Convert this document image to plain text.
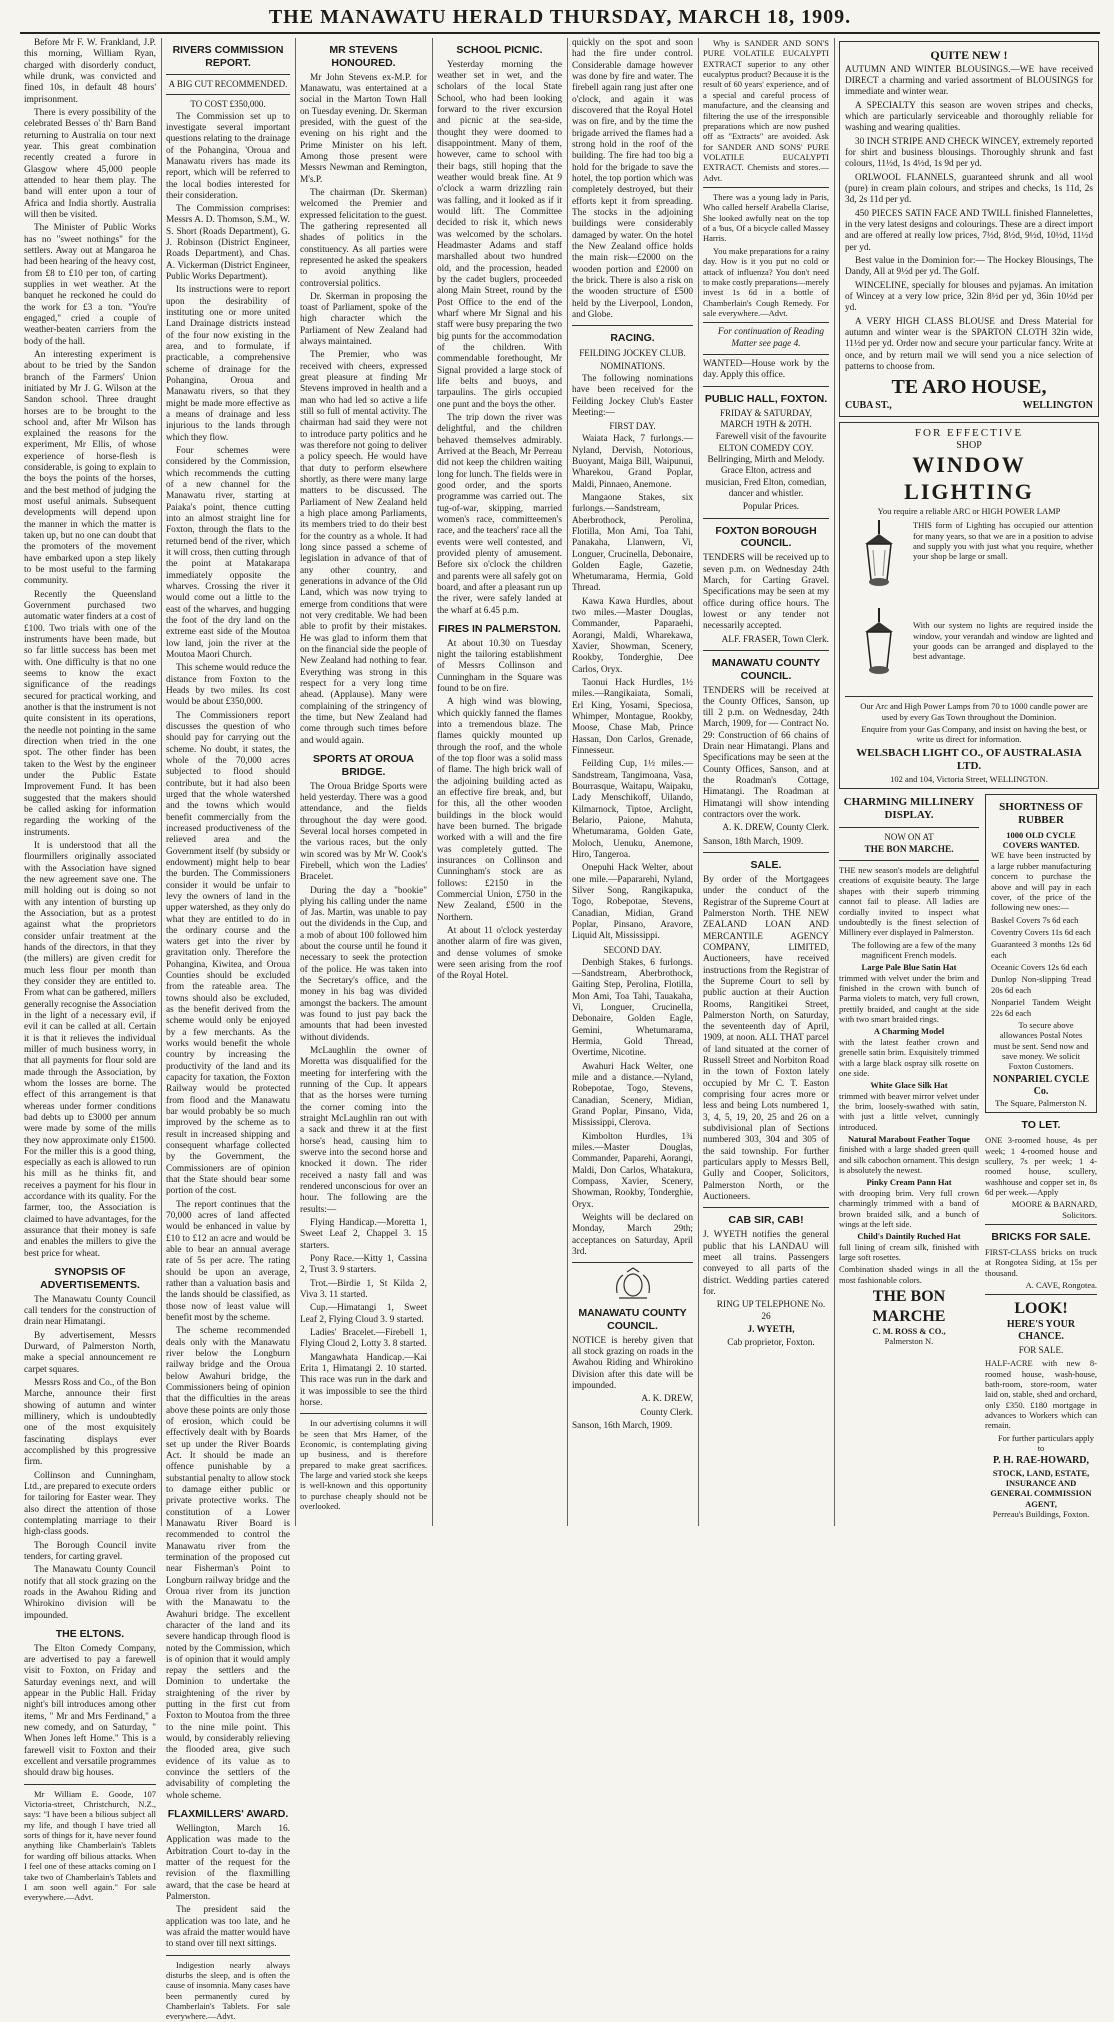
THE MANAWATU HERALD THURSDAY, MARCH 18, 1909.

Before Mr F. W. Frankland, J.P. this morning, William Ryan, charged with disorderly conduct, while drunk, was convicted and fined 10s, in default 48 hours' imprisonment.

There is every possibility of the celebrated Besses o' th' Barn Band returning to Australia on tour next year. This great combination recently created a furore in Glasgow where 45,000 people attended to hear them play. The band will enter upon a tour of Africa and India shortly. Australia will then be visited.

The Minister of Public Works has no "sweet nothings" for the settlers. Away out at Mangaroa he had been hearing of the heavy cost, from £8 to £10 per ton, of carting supplies in wet weather. At the banquet he reckoned he could do the work for £3 a ton. "You're engaged," cried a couple of weather-beaten carriers from the body of the hall.

An interesting experiment is about to be tried by the Sandon branch of the Farmers' Union initiated by Mr J. G. Wilson at the Sandon school. Three draught horses are to be brought to the school and, after Mr Wilson has explained the reasons for the experiment, Mr Ellis, of whose experience of horse-flesh is considerable, is going to explain to the boys the points of the horses, and the best method of judging the most useful animals. Subsequent developments will depend upon the manner in which the matter is taken up, but no one can doubt that the promoters of the movement have embarked upon a step likely to be most useful to the farming community.

Recently the Queensland Government purchased two automatic water finders at a cost of £100. Two trials with one of the instruments have been made, but so far little success has been met with. One difficulty is that no one seems to know the exact significance of the readings secured for practical working, and another is that the instrument is not quite consistent in its operations, the needle not pointing in the same direction when tried in the one spot. The other finder has been taken to the West by the engineer under the Public Estate Improvement Fund. It has been suggested that the makers should be called asking for information regarding the working of the instruments.

It is understood that all the flourmillers originally associated with the Association have signed the new agreement save one. The mill holding out is doing so not with any intention of bursting up the Association, but as a protest against what the proprietors consider unfair treatment at the hands of the directors, in that they (the millers) are given credit for much less flour per month than they consider they are entitled to. From what can be gathered, millers generally recognise the Association in the light of a necessary evil, if evil it can be called at all. Certain it is that it relieves the individual miller of much business worry, in that all payments for flour sold are made through the Association, by whom the losses are borne. The effect of this arrangement is that whereas under former conditions bad debts up to £3000 per annum were made by some of the mills they now approximate only £1500. For the miller this is a good thing, especially as each is allowed to run his mill as he thinks fit, and receives a payment for his flour in accordance with its quality. For the farmer, too, the Association is claimed to have advantages, for the assurance that their money is safe and enables the millers to give the best price for wheat.

SYNOPSIS OF ADVERTISEMENTS.

The Manawatu County Council call tenders for the construction of drain near Himatangi.

By advertisement, Messrs Durward, of Palmerston North, make a special announcement re carpet squares.

Messrs Ross and Co., of the Bon Marche, announce their first showing of autumn and winter millinery, which is undoubtedly one of the most exquisitely fascinating displays ever accomplished by this progressive firm.

Collinson and Cunningham, Ltd., are prepared to execute orders for tailoring for Easter wear. They also direct the attention of those contemplating marriage to their high-class goods.

The Borough Council invite tenders, for carting gravel.

The Manawatu County Council notify that all stock grazing on the roads in the Awahou Riding and Whirokino division will be impounded.

THE ELTONS.

The Elton Comedy Company, are advertised to pay a farewell visit to Foxton, on Friday and Saturday evenings next, and will appear in the Public Hall. Friday night's bill introduces among other items, " Mr and Mrs Ferdinand," a new comedy, and on Saturday, " When Jones left Home." This is a farewell visit to Foxton and their excellent and versatile programmes should draw big houses.

Mr William E. Goode, 107 Victoria-street, Christchurch, N.Z., says: "I have been a bilious subject all my life, and though I have tried all sorts of things for it, have never found anything like Chamberlain's Tablets for warding off bilious attacks. When I feel one of these attacks coming on I take two of Chamberlain's Tablets and I am soon well again." For sale everywhere.—Advt.

RIVERS COMMISSION REPORT.
A BIG CUT RECOMMENDED.
TO COST £350,000.

The Commission set up to investigate several important questions relating to the drainage of the Pohangina, 'Oroua and Manawatu rivers has made its report, which will be referred to the local bodies interested for their consideration.

The Commission comprises: Messrs A. D. Thomson, S.M., W. S. Short (Roads Department), G. J. Robinson (District Engineer, Roads Department), and Chas. A. Vickerman (District Engineer, Public Works Department).

Its instructions were to report upon the desirability of instituting one or more united Land Drainage districts instead of the four now existing in the area, and to formulate, if practicable, a comprehensive scheme of drainage for the Pohangina, Oroua and Manawatu rivers, so that they might be made more effective as a means of drainage and less injurious to the lands through which they flow.

Four schemes were considered by the Commission, which recommends the cutting of a new channel for the Manawatu river, starting at Paiaka's point, thence cutting into an almost straight line for Foxton, through the flats to the returned bend of the river, which it will cross, then cutting through the point at Matakarapa immediately opposite the wharves. Crossing the river it would come out a little to the east of the wharves, and hugging the foot of the dry land on the extreme east side of the Moutoa low land, join the river at the Moutoa Maori Church.

This scheme would reduce the distance from Foxton to the Heads by two miles. Its cost would be about £350,000.

The Commissioners report discusses the question of who should pay for carrying out the scheme. No doubt, it states, the whole of the 70,000 acres subjected to flood should contribute, but it had also been urged that the whole watershed and the towns which would benefit commercially from the increased productiveness of the relieved area and the Government itself (by subsidy or endowment) might help to bear the burden. The Commissioners consider it would be unfair to levy the owners of land in the upper watershed, as they only do what they are entitled to do in the ordinary course and the waters get into the river by gravitation only. Therefore the Pohangina, Kiwitea, and Oroua Counties should be excluded from the rateable area. The towns should also be excluded, as the benefit derived from the scheme would only be enjoyed by a few merchants. As the works would benefit the whole country by increasing the productivity of the land and its capacity for taxation, the Foxton Railway would be protected from flood and the Manawatu bar would probably be so much improved by the scheme as to result in increased shipping and consequent wharfage collected by the Government, the Commissioners are of opinion that the State should bear some portion of the cost.

The report continues that the 70,000 acres of land affected would be enhanced in value by £10 to £12 an acre and would be able to bear an annual average rate of 5s per acre. The rating should be upon an average, rather than a valuation basis and the lands should be classified, as those now of least value will benefit most by the scheme.

The scheme recommended deals only with the Manawatu river below the Longburn railway bridge and the Oroua below Awahuri bridge, the Commissioners being of opinion that the difficulties in the areas above these points are only those of erosion, which could be effectively dealt with by Boards set up under the River Boards Act. It should be made an offence punishable by a substantial penalty to allow stock to damage either public or private protective works. The constitution of a Lower Manawatu River Board is recommended to control the Manawatu river from the termination of the proposed cut near Fisherman's Point to Longburn railway bridge and the Oroua river from its junction with the Manawatu to the Awahuri bridge. The excellent character of the land and its severe handicap through flood is noted by the Commission, which is of opinion that it would amply repay the settlers and the Dominion to undertake the straightening of the river by putting in the first cut from Foxton to Moutoa from the three to the nine mile point. This would, by considerably relieving the flooded area, give such evidence of its value as to convince the settlers of the advisability of completing the whole scheme.

FLAXMILLERS' AWARD.

Wellington, March 16. Application was made to the Arbitration Court to-day in the matter of the request for the revision of the flaxmilling award, that the case be heard at Palmerston.

The president said the application was too late, and he was afraid the matter would have to stand over till next sittings.

Indigestion nearly always disturbs the sleep, and is often the cause of insomnia. Many cases have been permanently cured by Chamberlain's Tablets. For sale everywhere.—Advt.

MR STEVENS HONOURED.

Mr John Stevens ex-M.P. for Manawatu, was entertained at a social in the Marton Town Hall on Tuesday evening. Dr. Skerman presided, with the guest of the evening on his right and the Prime Minister on his left. Among those present were Messrs Newman and Remington, M's.P.

The chairman (Dr. Skerman) welcomed the Premier and expressed felicitation to the guest. The gathering represented all shades of politics in the constituency. As all parties were represented he asked the speakers to avoid anything like controversial politics.

Dr. Skerman in proposing the toast of Parliament, spoke of the high character which the Parliament of New Zealand had always maintained.

The Premier, who was received with cheers, expressed great pleasure at finding Mr Stevens improved in health and a man who had led so active a life still so full of mental activity. The chairman had said they were not to introduce party politics and he was therefore not going to deliver a policy speech. He would have that duty to perform elsewhere shortly, as there were many large matters to be discussed. The Parliament of New Zealand held a high place among Parliaments, its members tried to do their best for the country as a whole. It had long since passed a scheme of legislation in advance of that of any other country, and generations in advance of the Old Land, which was now trying to emerge from conditions that were not very creditable. We had been able to profit by their mistakes. He was glad to inform them that on the financial side the people of New Zealand had nothing to fear. Everything was strong in this respect for a very long time ahead. (Applause). Many were complaining of the stringency of the time, but New Zealand had come through such times before and would again.

SPORTS AT OROUA BRIDGE.

The Oroua Bridge Sports were held yesterday. There was a good attendance, and the fields throughout the day were good. Several local horses competed in the various races, but the only win scored was by Mr W. Cook's Firebell, which won the Ladies' Bracelet.

During the day a "bookie" plying his calling under the name of Jas. Martin, was unable to pay out the dividends in the Cup, and a mob of about 100 followed him about the course until he found it necessary to seek the protection of the police. He was taken into the Secretary's office, and the money in his bag was divided amongst the backers. The amount was found to just pay back the amounts that had been invested without dividends.

McLaughlin the owner of Moretta was disqualified for the meeting for interfering with the running of the Cup. It appears that as the horses were turning the corner coming into the straight McLaughlin ran out with a sack and threw it at the first horse's head, causing him to swerve into the second horse and knocked it down. The rider received a nasty fall and was rendered unconscious for over an hour. The following are the results:—

Flying Handicap.—Moretta 1, Sweet Leaf 2, Chappel 3. 15 starters.

Pony Race.—Kitty 1, Cassina 2, Trust 3. 9 starters.

Trot.—Birdie 1, St Kilda 2, Viva 3. 11 started.

Cup.—Himatangi 1, Sweet Leaf 2, Flying Cloud 3. 9 started.

Ladies' Bracelet.—Firebell 1, Flying Cloud 2, Lotty 3. 8 started.

Mangawhata Handicap.—Kai Erita 1, Himatangi 2. 10 started. This race was run in the dark and it was impossible to see the third horse.

In our advertising columns it will be seen that Mrs Hamer, of the Economic, is contemplating giving up business, and is therefore prepared to make great sacrifices. The large and varied stock she keeps is well-known and this opportunity to purchase cheaply should not be overlooked.

SCHOOL PICNIC.

Yesterday morning the weather set in wet, and the scholars of the local State School, who had been looking forward to the river excursion and picnic at the sea-side, thought they were doomed to disappointment. Many of them, however, came to school with their bags, still hoping that the weather would break fine. At 9 o'clock a warm drizzling rain was falling, and it looked as if it would lift. The Committee decided to risk it, which news was welcomed by the scholars. Headmaster Adams and staff marshalled about two hundred old, and the procession, headed by the cadet buglers, proceeded along Main Street, round by the Post Office to the end of the wharf where Mr Signal and his staff were busy preparing the two big punts for the accommodation of the children. With commendable forethought, Mr Signal provided a large stock of life belts and buoys, and tarpaulins. The girls occupied one punt and the boys the other.

The trip down the river was delightful, and the children behaved themselves admirably. Arrived at the Beach, Mr Perreau did not keep the children waiting long for lunch. The fields were in good order, and the sports programme was carried out. The tug-of-war, skipping, married women's race, committeemen's race, and the teachers' race all the events were well contested, and provided plenty of amusement. Before six o'clock the children and parents were all safely got on board, and after a pleasant run up the river, were safely landed at the wharf at 6.45 p.m.

FIRES IN PALMERSTON.

At about 10.30 on Tuesday night the tailoring establishment of Messrs Collinson and Cunningham in the Square was found to be on fire.

A high wind was blowing, which quickly fanned the flames into a tremendous blaze. The flames quickly mounted up through the roof, and the whole of the top floor was a solid mass of flame. The high brick wall of the adjoining building acted as an effective fire break, and, but for this, all the other wooden buildings in the block would have been burned. The brigade worked with a will and the fire was completely gutted. The insurances on Collinson and Cunningham's stock are as follows: £2150 in the Commercial Union, £750 in the New Zealand, £500 in the Northern.

At about 11 o'clock yesterday another alarm of fire was given, and dense volumes of smoke were seen arising from the roof of the Royal Hotel.

quickly on the spot and soon had the fire under control. Considerable damage however was done by fire and water. The firebell again rang just after one o'clock, and again it was discovered that the Royal Hotel was on fire, and by the time the brigade arrived the flames had a strong hold in the roof of the building. The fire had too big a hold for the brigade to save the hotel, the top portion which was completely destroyed, but their efforts kept it from spreading. The stocks in the adjoining buildings were considerably damaged by water. On the hotel the New Zealand office holds the main risk—£2000 on the wooden portion and £2000 on the brick. There is also a risk on the wooden structure of £500 held by the Liverpool, London, and Globe.

RACING.
FEILDING JOCKEY CLUB.
NOMINATIONS.

The following nominations have been received for the Feilding Jockey Club's Easter Meeting:—

FIRST DAY.

Waiata Hack, 7 furlongs.—Nyland, Dervish, Notorious, Buoyant, Maiga Bill, Waipunui, Wharekou, Grand Poplar, Maldi, Pinnaeo, Anemone.

Mangaone Stakes, six furlongs.—Sandstream, Aberbrothock, Perolina, Flotilla, Mon Ami, Toa Tahi, Panakaha, Llanwern, Vi, Longuer, Crucinella, Debonaire, Golden Eagle, Gazetie, Whetumarama, Hermia, Gold Thread.

Kawa Kawa Hurdles, about two miles.—Master Douglas, Commander, Paparaehi, Aorangi, Maldi, Wharekawa, Xavier, Showman, Scenery, Rookby, Tonderghie, Dee Carlos, Oryx.

Taonui Hack Hurdles, 1½ miles.—Rangikaiata, Somali, Erl King, Yosami, Speciosa, Whimper, Montague, Rookby, Moose, Chase Mab, Prince Hassan, Don Carlos, Grenade, Finnesseur.

Feilding Cup, 1½ miles.—Sandstream, Tangimoana, Vasa, Bourrasque, Waitapu, Waipaku, Lady Menschikoff, Uilando, Kilmarnock, Tiptoe, Arclight, Belario, Paione, Mahuta, Whetumarama, Golden Gate, Moloch, Uenuku, Anemone, Hiro, Tangeroa.

Onepuhi Hack Welter, about one mile.—Papararehi, Nyland, Silver Song, Rangikapuka, Togo, Robepotae, Stevens, Canadian, Midian, Grand Poplar, Pinsano, Aravore, Liquid Alt, Mississippi.

SECOND DAY.

Denbigh Stakes, 6 furlongs.—Sandstream, Aberbrothock, Gaiting Step, Perolina, Flotilla, Mon Ami, Toa Tahi, Tauakaha, Vi, Longuer, Crucinella, Debonaire, Golden Eagle, Gemini, Whetumarama, Hermia, Gold Thread, Overtime, Nicotine.

Awahuri Hack Welter, one mile and a distance.—Nyland, Robepotae, Togo, Stevens, Canadian, Scenery, Midian, Grand Poplar, Pinsano, Vida, Mississippi, Clerova.

Kimbolton Hurdles, 1¾ miles.—Master Douglas, Commander, Paparehi, Aorangi, Maldi, Don Carlos, Whatakura, Compass, Xavier, Scenery, Showman, Rookby, Tonderghie, Oryx.

Weights will be declared on Monday, March 29th; acceptances on Saturday, April 3rd.

MANAWATU COUNTY COUNCIL.

NOTICE is hereby given that all stock grazing on roads in the Awahou Riding and Whirokino Division after this date will be impounded.

A. K. DREW,

County Clerk.

Sanson, 16th March, 1909.

Why is SANDER AND SON'S PURE VOLATILE EUCALYPTI EXTRACT superior to any other eucalyptus product? Because it is the result of 60 years' experience, and of a special and careful process of manufacture, and the cleansing and filtering the use of the irresponsible preparations which are now pushed off as "Extracts" are avoided. Ask for SANDER AND SONS' PURE VOLATILE EUCALYPTI EXTRACT. Chemists and stores.—Advt.

There was a young lady in Paris, Who called herself Arabella Clarise, She looked awfully neat on the top of a 'bus, Of a bicycle called Massey Harris.

You make preparations for a rainy day. How is it you put no cold or attack of influenza? You don't need to make costly preparations—merely invest 1s 6d in a bottle of Chamberlain's Cough Remedy. For sale everywhere.—Advt.

For continuation of Reading Matter see page 4.

WANTED—House work by the day. Apply this office.

PUBLIC HALL, FOXTON.
FRIDAY & SATURDAY, MARCH 19TH & 20TH.

Farewell visit of the favourite ELTON COMEDY COY. Bellringing, Mirth and Melody. Grace Elton, actress and musician, Fred Elton, comedian, dancer and whistler.

Popular Prices.

FOXTON BOROUGH COUNCIL.

TENDERS will be received up to seven p.m. on Wednesday 24th March, for Carting Gravel. Specifications may be seen at my office during office hours. The lowest or any tender not necessarily accepted.

ALF. FRASER, Town Clerk.

MANAWATU COUNTY COUNCIL.

TENDERS will be received at the County Offices, Sanson, up till 2 p.m. on Wednesday, 24th March, 1909, for — Contract No. 29: Construction of 66 chains of Drain near Himatangi. Plans and Specifications may be seen at the County Offices, Sanson, and at the Roadman's Cottage, Himatangi. The Roadman at Himatangi will show intending contractors over the work.

A. K. DREW, County Clerk.

Sanson, 18th March, 1909.

SALE.

By order of the Mortgagees under the conduct of the Registrar of the Supreme Court at Palmerston North. THE NEW ZEALAND LOAN AND MERCANTILE AGENCY COMPANY, LIMITED, Auctioneers, have received instructions from the Registrar of the Supreme Court to sell by public auction at their Auction Rooms, Rangitikei Street, Palmerston North, on Saturday, the seventeenth day of April, 1909, at noon. ALL THAT parcel of land situated at the corner of Russell Street and Norbiton Road in the town of Foxton lately occupied by Mr C. T. Easton comprising four acres more or less and being Lots numbered 1, 3, 4, 5, 19, 20, 25 and 26 on a subdivisional plan of Sections numbered 303, 304 and 305 of the said township. For further particulars apply to Messrs Bell, Gully and Cooper, Solicitors, Palmerston North, or the Auctioneers.

CAB SIR, CAB!

J. WYETH notifies the general public that his LANDAU will meet all trains. Passengers conveyed to all parts of the district. Wedding parties catered for.

RING UP TELEPHONE No. 26

J. WYETH,

Cab proprietor, Foxton.

QUITE NEW !

AUTUMN AND WINTER BLOUSINGS.—WE have received DIRECT a charming and varied assortment of BLOUSINGS for immediate and winter wear.

A SPECIALTY this season are woven stripes and checks, which are particularly serviceable and thoroughly reliable for washing and wearing qualities.

30 INCH STRIPE AND CHECK WINCEY, extremely reported for shirt and business blousings. Thoroughly shrunk and fast colours, 11½d, 1s 4½d, 1s 9d per yd.

ORLWOOL FLANNELS, guaranteed shrunk and all wool (pure) in cream plain colours, and stripes and checks, 1s 11d, 2s 3d, 2s 11d per yd.

450 PIECES SATIN FACE AND TWILL finished Flannelettes, in the very latest designs and colourings. These are a direct import and are offered at really low prices, 7½d, 8½d, 9½d, 10½d, 11½d per yd.

Best value in the Dominion for:— The Hockey Blousings, The Dandy, All at 9½d per yd. The Golf.

WINCELINE, specially for blouses and pyjamas. An imitation of Wincey at a very low price, 32in 8½d per yd, 36in 10½d per yd.

A VERY HIGH CLASS BLOUSE and Dress Material for autumn and winter wear is the SPARTON CLOTH 32in wide, 11½d per yd. Order now and secure your particular fancy. Write at once, and by return mail we will send you a nice selection of patterns to choose from.

TE ARO HOUSE,
CUBA ST.,	WELLINGTON
FOR EFFECTIVE
SHOP
WINDOW LIGHTING
You require a reliable ARC or HIGH POWER LAMP

THIS form of Lighting has occupied our attention for many years, so that we are in a position to advise and supply you with just what you require, whether your shop be large or small.

With our system no lights are required inside the window, your verandah and window are lighted and your goods can be arranged and displayed to the best advantage.

Our Arc and High Power Lamps from 70 to 1000 candle power are used by every Gas Town throughout the Dominion.

Enquire from your Gas Company, and insist on having the best, or write us direct for information.

WELSBACH LIGHT CO., OF AUSTRALASIA LTD.
102 and 104, Victoria Street, WELLINGTON.
CHARMING MILLINERY DISPLAY.
NOW ON AT
THE BON MARCHE.

THE new season's models are delightful creations of exquisite beauty. The large shapes with their superb trimming cannot fail to please. All ladies are cordially invited to inspect what undoubtedly is the finest selection of Millinery ever displayed in Palmerston.

The following are a few of the many magnificent French models.

Large Pale Blue Satin Hat

trimmed with velvet under the brim and finished in the crown with bunch of Parma violets to match, very full crown, prettily braided, and caught at the side with two smart braided rings.

A Charming Model

with the latest feather crown and grenelle satin brim. Exquisitely trimmed with a large black ospray silk rosette on one side.

White Glace Silk Hat

trimmed with beaver mirror velvet under the brim, loosely-swathed with satin, with just a little velvet, cunningly introduced.

Natural Marabout Feather Toque

finished with a large shaded green quill and silk cabochon ornament. This design is absolutely the newest.

Pinky Cream Pann Hat

with drooping brim. Very full crown charmingly trimmed with a band of brown braided silk, and a bunch of wings at the left side.

Child's Daintily Ruched Hat

full lining of cream silk, finished with large soft rosettes.

Combination shaded wings in all the most fashionable colors.

THE BON MARCHE
C. M. ROSS & CO.,
Palmerston N.
SHORTNESS OF RUBBER
1000 OLD CYCLE COVERS WANTED.

WE have been instructed by a large rubber manufacturing concern to purchase the above and will pay in each cover, of the price of the following new ones:—

Baskel Covers 7s 6d each

Coventry Covers 11s 6d each

Guaranteed 3 months 12s 6d each

Oceanic Covers 12s 6d each

Dunlop Non-slipping Tread 20s 6d each

Nonpariel Tandem Weight 22s 6d each

To secure above allowances Postal Notes must be sent. Send now and save money. We solicit Foxton Customers.

NONPARIEL CYCLE Co.
The Square, Palmerston N.
TO LET.

ONE 3-roomed house, 4s per week; 1 4-roomed house and scullery, 7s per week; 1 4-roomed house, scullery, washhouse and copper set in, 8s 6d per week.—Apply

MOORE & BARNARD, Solicitors.

BRICKS FOR SALE.

FIRST-CLASS bricks on truck at Rongotea Siding, at 15s per thousand.

A. CAVE, Rongotea.

LOOK!
HERE'S YOUR CHANCE.
FOR SALE.

HALF-ACRE with new 8-roomed house, wash-house, bath-room, store-room, water laid on, stable, shed and orchard, only £350. £180 mortgage in advances to Workers which can remain.

For further particulars apply to

P. H. RAE-HOWARD,
STOCK, LAND, ESTATE, INSURANCE AND GENERAL COMMISSION AGENT,
Perreau's Buildings, Foxton.
